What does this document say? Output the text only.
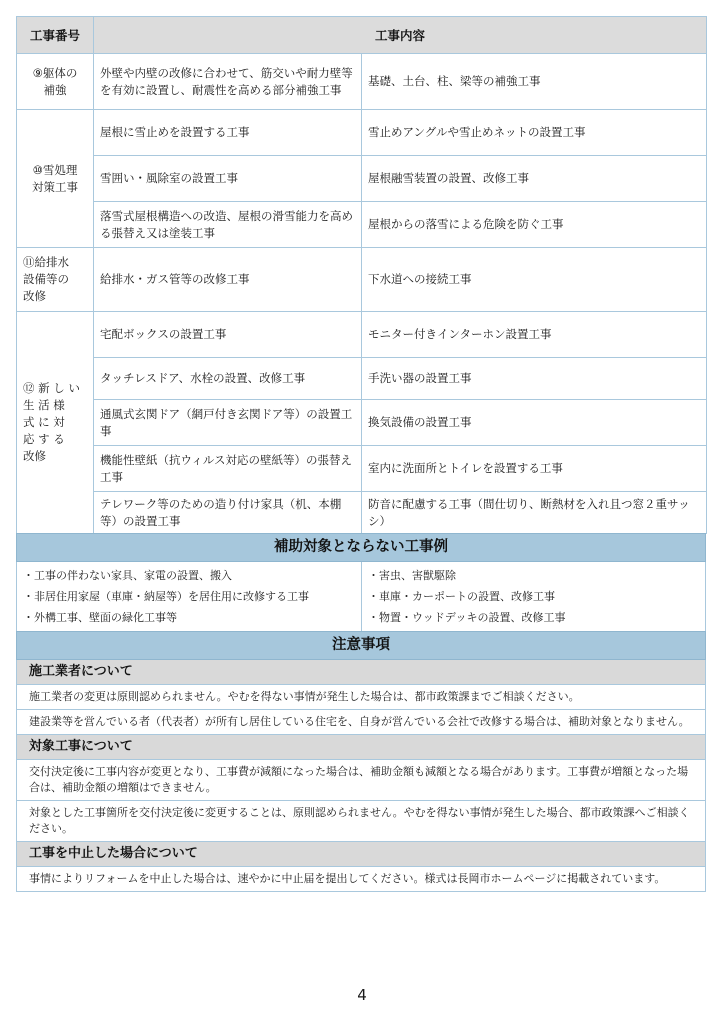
工事番号	工事内容	
⑨躯体の
補強	外壁や内壁の改修に合わせて、筋交いや耐力壁等を有効に設置し、耐震性を高める部分補強工事	基礎、土台、柱、梁等の補強工事
⑩雪処理
対策工事	屋根に雪止めを設置する工事	雪止めアングルや雪止めネットの設置工事
	雪囲い・風除室の設置工事	屋根融雪装置の設置、改修工事
	落雪式屋根構造への改造、屋根の滑雪能力を高める張替え又は塗装工事	屋根からの落雪による危険を防ぐ工事
⑪給排水
設備等の
改修	給排水・ガス管等の改修工事	下水道への接続工事
⑫ 新 し い
生 活 様
式 に 対
応 す る
改修	宅配ボックスの設置工事	モニター付きインターホン設置工事
	タッチレスドア、水栓の設置、改修工事	手洗い器の設置工事
	通風式玄関ドア（網戸付き玄関ドア等）の設置工事	換気設備の設置工事
	機能性壁紙（抗ウィルス対応の壁紙等）の張替え工事	室内に洗面所とトイレを設置する工事
	テレワーク等のための造り付け家具（机、本棚等）の設置工事	防音に配慮する工事（間仕切り、断熱材を入れ且つ窓２重サッシ）
補助対象とならない工事例
・工事の伴わない家具、家電の設置、搬入
・非居住用家屋（車庫・納屋等）を居住用に改修する工事
・外構工事、壁面の緑化工事等
・害虫、害獣駆除
・車庫・カーポートの設置、改修工事
・物置・ウッドデッキの設置、改修工事
注意事項
施工業者について
施工業者の変更は原則認められません。やむを得ない事情が発生した場合は、都市政策課までご相談ください。
建設業等を営んでいる者（代表者）が所有し居住している住宅を、自身が営んでいる会社で改修する場合は、補助対象となりません。
対象工事について
交付決定後に工事内容が変更となり、工事費が減額になった場合は、補助金額も減額となる場合があります。工事費が増額となった場合は、補助金額の増額はできません。
対象とした工事箇所を交付決定後に変更することは、原則認められません。やむを得ない事情が発生した場合、都市政策課へご相談ください。
工事を中止した場合について
事情によりリフォームを中止した場合は、速やかに中止届を提出してください。様式は長岡市ホームページに掲載されています。
4
